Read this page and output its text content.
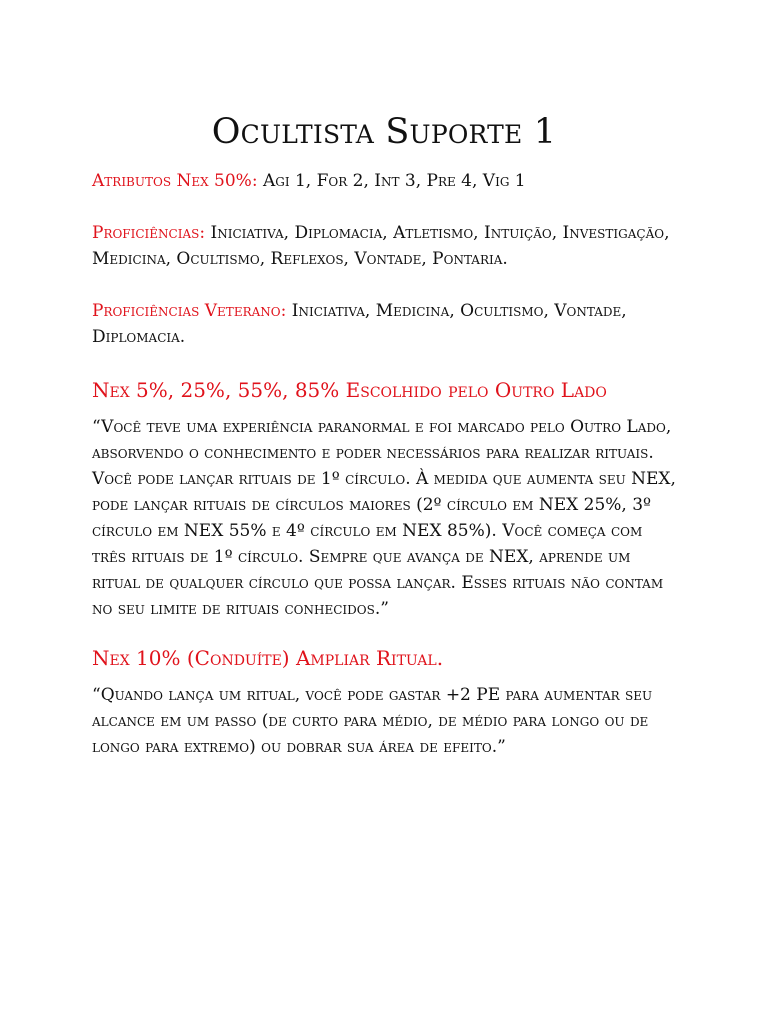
Ocultista Suporte 1

Atributos Nex 50%: Agi 1, For 2, Int 3, Pre 4, Vig 1

Proficiências: Iniciativa, Diplomacia, Atletismo, Intuição, Investigação, Medicina, Ocultismo, Reflexos, Vontade, Pontaria.

Proficiências Veterano: Iniciativa, Medicina, Ocultismo, Vontade, Diplomacia.

Nex 5%, 25%, 55%, 85% Escolhido pelo Outro Lado

“Você teve uma experiência paranormal e foi marcado pelo Outro Lado, absorvendo o conhecimento e poder necessários para realizar rituais. Você pode lançar rituais de 1º círculo. À medida que aumenta seu NEX, pode lançar rituais de círculos maiores (2º círculo em NEX 25%, 3º círculo em NEX 55% e 4º círculo em NEX 85%). Você começa com três rituais de 1º círculo. Sempre que avança de NEX, aprende um ritual de qualquer círculo que possa lançar. Esses rituais não contam no seu limite de rituais conhecidos.”

Nex 10% (Conduíte) Ampliar Ritual.

“Quando lança um ritual, você pode gastar +2 PE para aumentar seu alcance em um passo (de curto para médio, de médio para longo ou de longo para extremo) ou dobrar sua área de efeito.”
